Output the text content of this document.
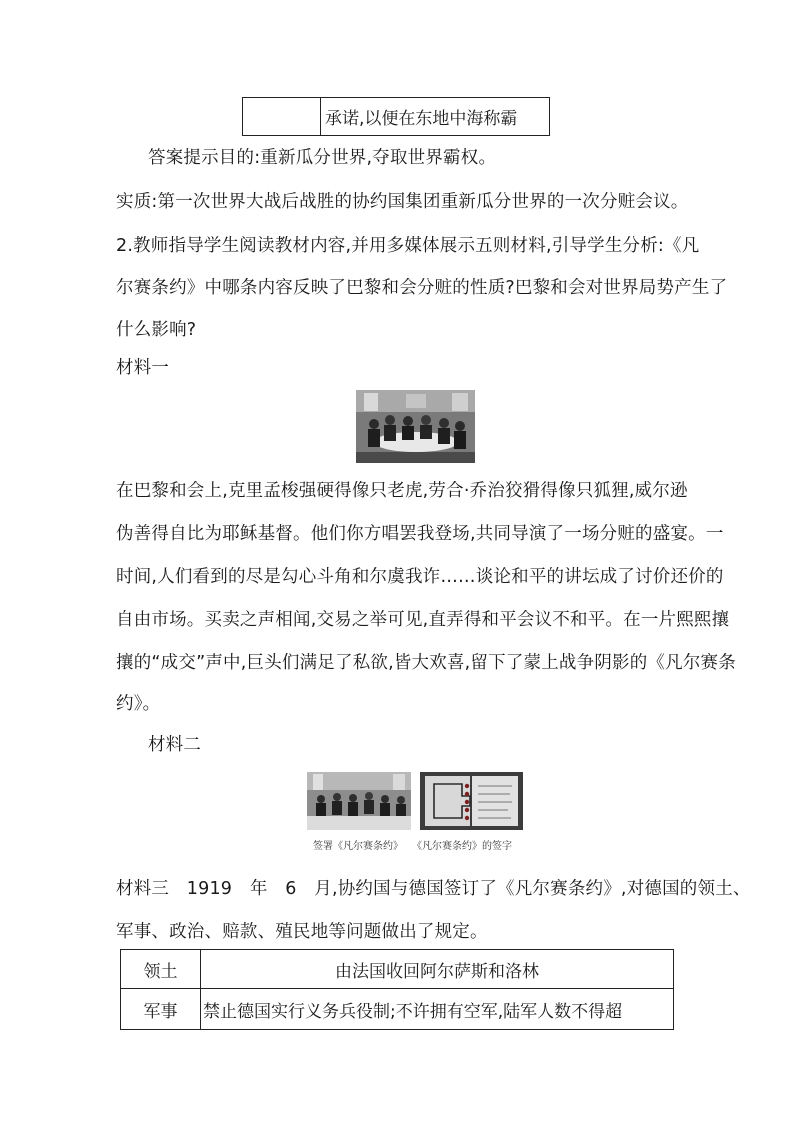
	承诺,以便在东地中海称霸
答案提示目的:重新瓜分世界,夺取世界霸权。
实质:第一次世界大战后战胜的协约国集团重新瓜分世界的一次分赃会议。
2.教师指导学生阅读教材内容,并用多媒体展示五则材料,引导学生分析:《凡
尔赛条约》中哪条内容反映了巴黎和会分赃的性质?巴黎和会对世界局势产生了
什么影响?
材料一
在巴黎和会上,克里孟梭强硬得像只老虎,劳合·乔治狡猾得像只狐狸,威尔逊
伪善得自比为耶稣基督。他们你方唱罢我登场,共同导演了一场分赃的盛宴。一
时间,人们看到的尽是勾心斗角和尔虞我诈……谈论和平的讲坛成了讨价还价的
自由市场。买卖之声相闻,交易之举可见,直弄得和平会议不和平。在一片熙熙攘
攘的“成交”声中,巨头们满足了私欲,皆大欢喜,留下了蒙上战争阴影的《凡尔赛条
约》。
材料二
签署《凡尔赛条约》 《凡尔赛条约》的签字
材料三　1919　年　6　月,协约国与德国签订了《凡尔赛条约》,对德国的领土、
军事、政治、赔款、殖民地等问题做出了规定。
领土	由法国收回阿尔萨斯和洛林
军事	禁止德国实行义务兵役制;不许拥有空军,陆军人数不得超
